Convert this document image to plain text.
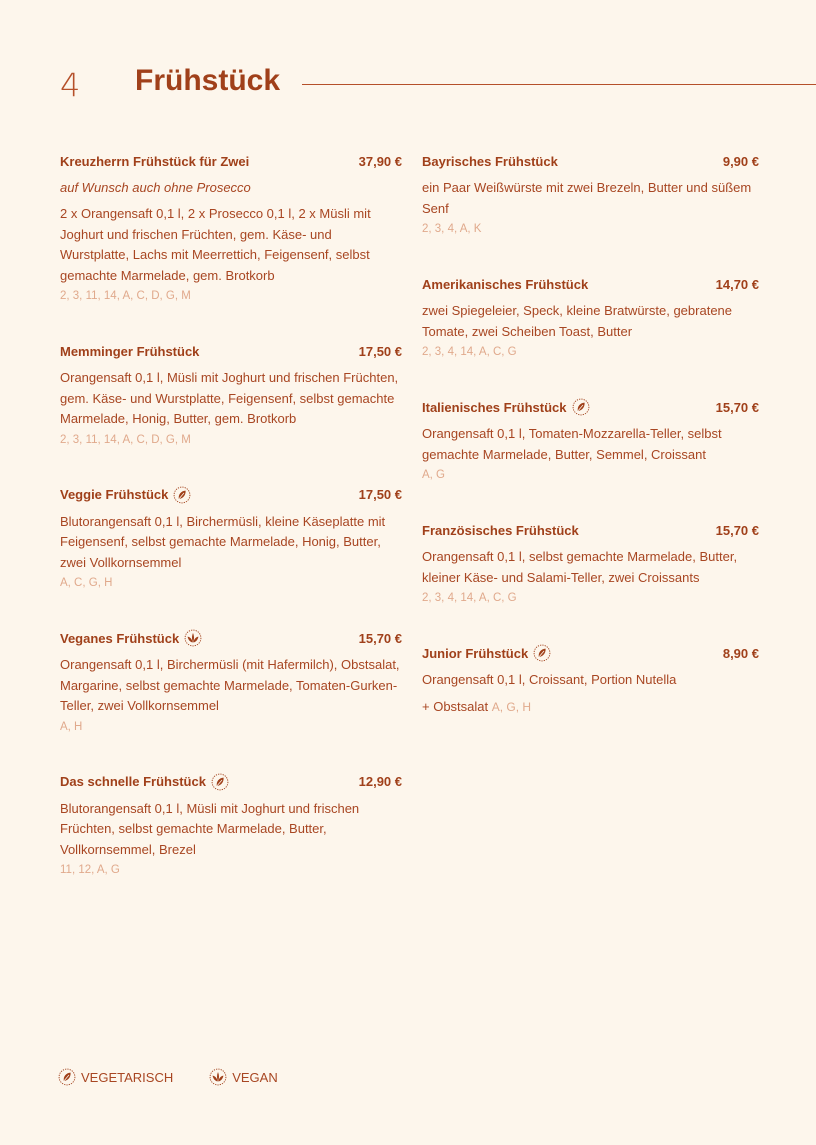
4 Frühstück
Kreuzherrn Frühstück für Zwei	37,90 €
auf Wunsch auch ohne Prosecco
2 x Orangensaft 0,1 l, 2 x Prosecco 0,1 l, 2 x Müsli mit Joghurt und frischen Früchten, gem. Käse- und Wurstplatte, Lachs mit Meerrettich, Feigensenf, selbst gemachte Marmelade, gem. Brotkorb
2, 3, 11, 14, A, C, D, G, M
Memminger Frühstück	17,50 €
Orangensaft 0,1 l, Müsli mit Joghurt und frischen Früchten, gem. Käse- und Wurstplatte, Feigensenf, selbst gemachte Marmelade, Honig, Butter, gem. Brotkorb
2, 3, 11, 14, A, C, D, G, M
Veggie Frühstück	17,50 €
Blutorangensaft 0,1 l, Birchermüsli, kleine Käseplatte mit Feigensenf, selbst gemachte Marmelade, Honig, Butter, zwei Vollkornsemmel
A, C, G, H
Veganes Frühstück	15,70 €
Orangensaft 0,1 l, Birchermüsli (mit Hafermilch), Obstsalat, Margarine, selbst gemachte Marmelade, Tomaten-Gurken-Teller, zwei Vollkornsemmel
A, H
Das schnelle Frühstück	12,90 €
Blutorangensaft 0,1 l, Müsli mit Joghurt und frischen Früchten, selbst gemachte Marmelade, Butter, Vollkornsemmel, Brezel
11, 12, A, G
Bayrisches Frühstück	9,90 €
ein Paar Weißwürste mit zwei Brezeln, Butter und süßem Senf
2, 3, 4, A, K
Amerikanisches Frühstück	14,70 €
zwei Spiegeleier, Speck, kleine Bratwürste, gebratene Tomate, zwei Scheiben Toast, Butter
2, 3, 4, 14, A, C, G
Italienisches Frühstück	15,70 €
Orangensaft 0,1 l, Tomaten-Mozzarella-Teller, selbst gemachte Marmelade, Butter, Semmel, Croissant
A, G
Französisches Frühstück	15,70 €
Orangensaft 0,1 l, selbst gemachte Marmelade, Butter, kleiner Käse- und Salami-Teller, zwei Croissants
2, 3, 4, 14, A, C, G
Junior Frühstück	8,90 €
Orangensaft 0,1 l, Croissant, Portion Nutella
+ Obstsalat A, G, H
VEGETARISCH	VEGAN
